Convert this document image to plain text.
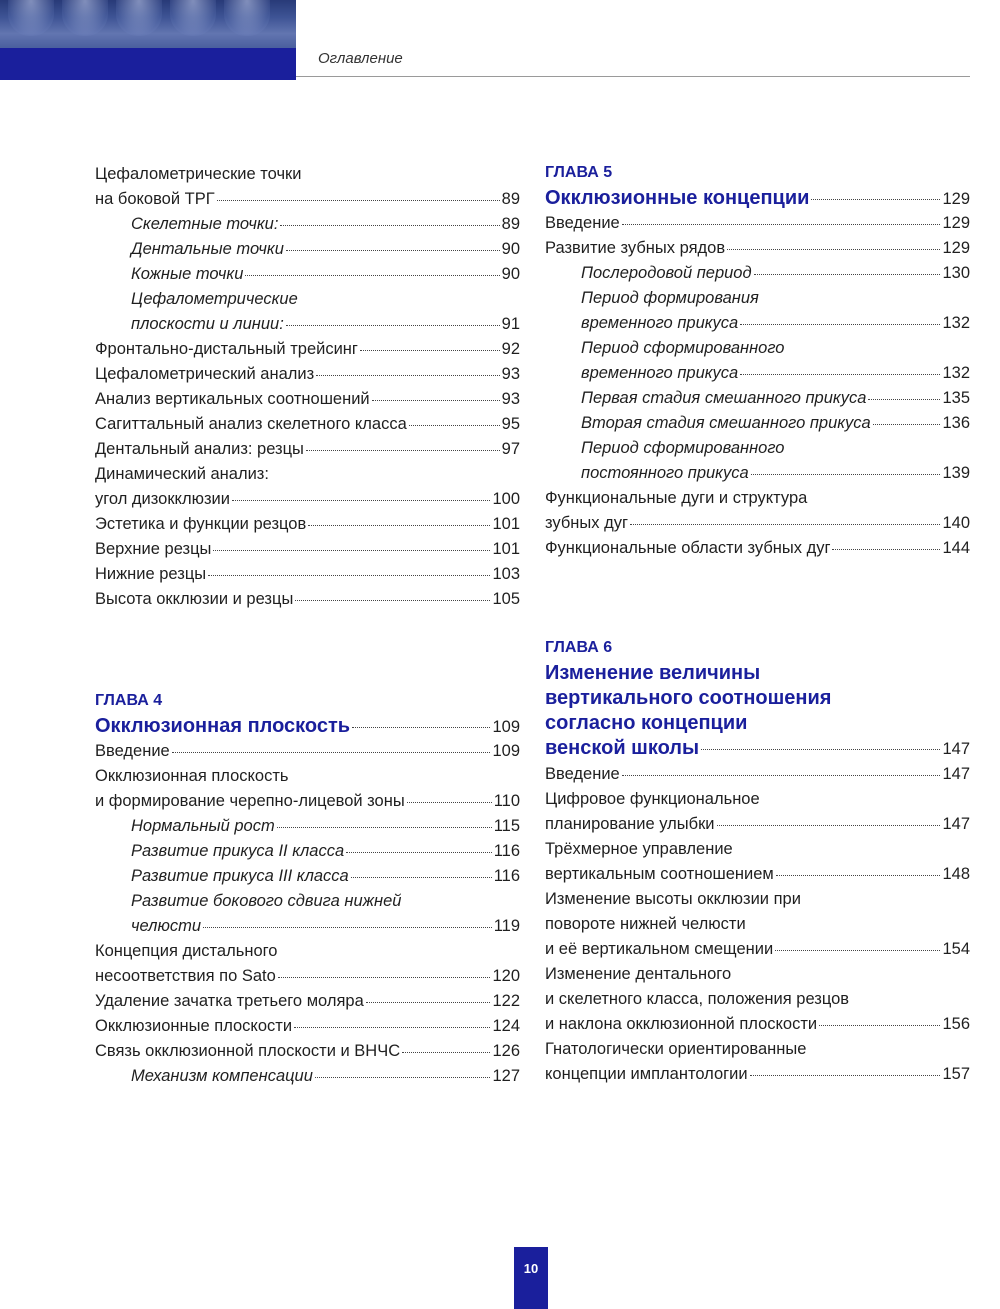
Оглавление
Цефалометрические точки
на боковой ТРГ	89
Скелетные точки:	89
Дентальные точки	90
Кожные точки	90
Цефалометрические
плоскости и линии:	91
Фронтально-дистальный трейсинг	92
Цефалометрический анализ	93
Анализ вертикальных соотношений	93
Сагиттальный анализ скелетного класса	95
Дентальный анализ: резцы	97
Динамический анализ:
угол дизокклюзии	100
Эстетика и функции резцов	101
Верхние резцы	101
Нижние резцы	103
Высота окклюзии и резцы	105
ГЛАВА 4
Окклюзионная плоскость	109
Введение	109
Окклюзионная плоскость
и формирование черепно-лицевой зоны	110
Нормальный рост	115
Развитие прикуса II класса	116
Развитие прикуса III класса	116
Развитие бокового сдвига нижней
челюсти	119
Концепция дистального
несоответствия по Sato	120
Удаление зачатка третьего моляра	122
Окклюзионные плоскости	124
Связь окклюзионной плоскости и ВНЧС	126
Механизм компенсации	127
ГЛАВА 5
Окклюзионные концепции	129
Введение	129
Развитие зубных рядов	129
Послеродовой период	130
Период формирования
временного прикуса	132
Период сформированного
временного прикуса	132
Первая стадия смешанного прикуса	135
Вторая стадия смешанного прикуса	136
Период сформированного
постоянного прикуса	139
Функциональные дуги и структура
зубных дуг	140
Функциональные области зубных дуг	144
ГЛАВА 6
Изменение величины
вертикального соотношения
согласно концепции
венской школы	147
Введение	147
Цифровое функциональное
планирование улыбки	147
Трёхмерное управление
вертикальным соотношением	148
Изменение высоты окклюзии при
повороте нижней челюсти
и её вертикальном смещении	154
Изменение дентального
и скелетного класса, положения резцов
и наклона окклюзионной плоскости	156
Гнатологически ориентированные
концепции имплантологии	157
10
